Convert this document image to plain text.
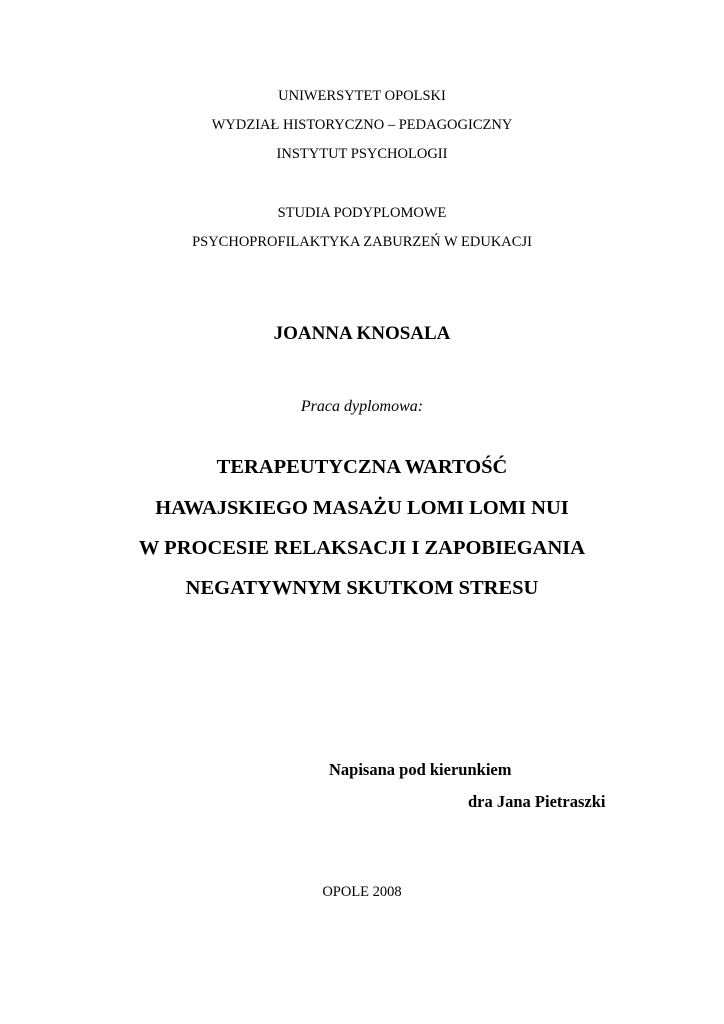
UNIWERSYTET OPOLSKI
WYDZIAŁ HISTORYCZNO – PEDAGOGICZNY
INSTYTUT PSYCHOLOGII
STUDIA PODYPLOMOWE
PSYCHOPROFILAKTYKA ZABURZEŃ W EDUKACJI
JOANNA KNOSALA
Praca dyplomowa:
TERAPEUTYCZNA WARTOŚĆ
HAWAJSKIEGO MASAŻU LOMI LOMI NUI
W PROCESIE RELAKSACJI I ZAPOBIEGANIA
NEGATYWNYM SKUTKOM STRESU
Napisana pod kierunkiem
dra Jana Pietraszki
OPOLE 2008
